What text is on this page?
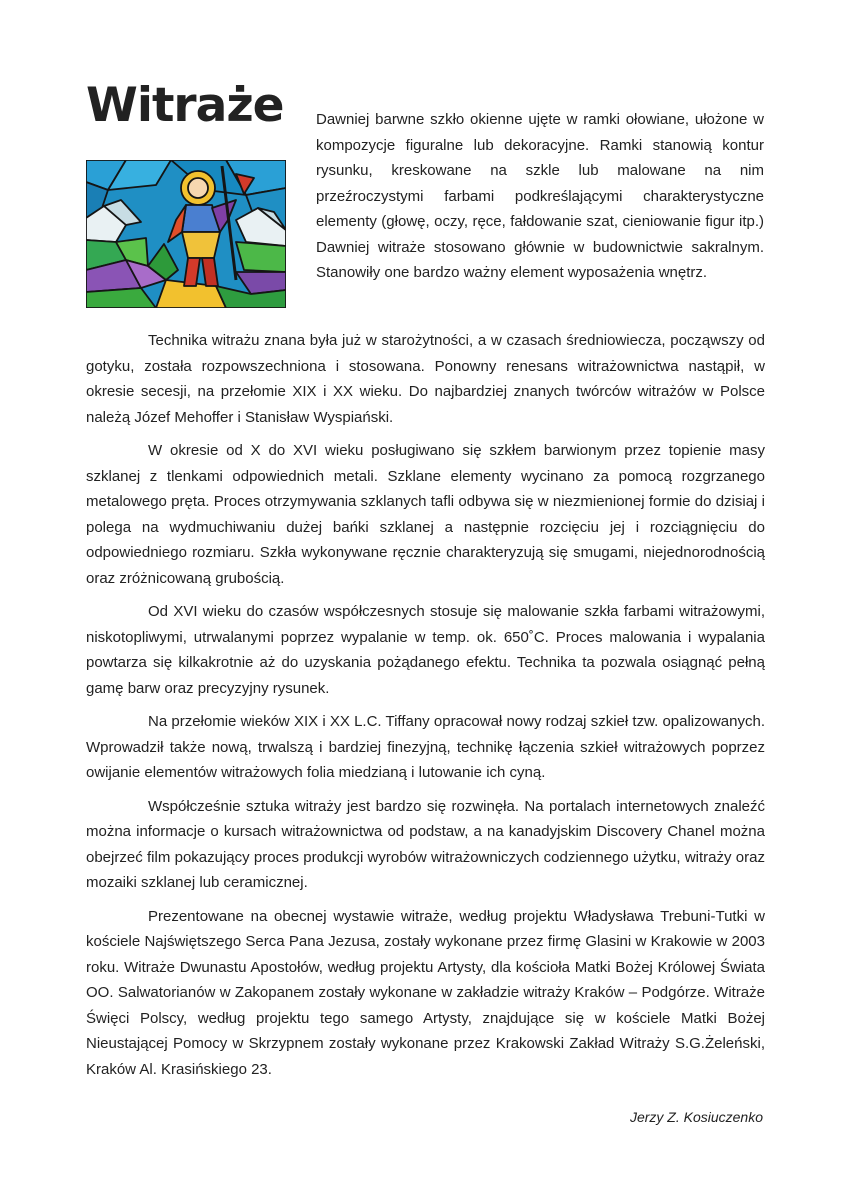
Witraże Dawniej barwne szkło okienne ujęte w ramki ołowiane, ułożone w kompozycje figuralne lub dekoracyjne. Ramki stanowią kontur rysunku, kreskowane na szkle lub malowane na nim przeźroczystymi farbami podkreślającymi charakterystyczne elementy (głowę, oczy, ręce, fałdowanie szat, cieniowanie figur itp.) Dawniej witraże stosowano głównie w budownictwie sakralnym. Stanowiły one bardzo ważny element wyposażenia wnętrz.

Technika witrażu znana była już w starożytności, a w czasach średniowiecza, począwszy od gotyku, została rozpowszechniona i stosowana. Ponowny renesans witrażownictwa nastąpił, w okresie secesji, na przełomie XIX i XX wieku. Do najbardziej znanych twórców witrażów w Polsce należą Józef Mehoffer i Stanisław Wyspiański.

W okresie od X do XVI wieku posługiwano się szkłem barwionym przez topienie masy szklanej z tlenkami odpowiednich metali. Szklane elementy wycinano za pomocą rozgrzanego metalowego pręta. Proces otrzymywania szklanych tafli odbywa się w niezmienionej formie do dzisiaj i polega na wydmuchiwaniu dużej bańki szklanej a następnie rozcięciu jej i rozciągnięciu do odpowiedniego rozmiaru. Szkła wykonywane ręcznie charakteryzują się smugami, niejednorodnością oraz zróżnicowaną grubością.

Od XVI wieku do czasów współczesnych stosuje się malowanie szkła farbami witrażowymi, niskotopliwymi, utrwalanymi poprzez wypalanie w temp. ok. 650˚C. Proces malowania i wypalania powtarza się kilkakrotnie aż do uzyskania pożądanego efektu. Technika ta pozwala osiągnąć pełną gamę barw oraz precyzyjny rysunek.

Na przełomie wieków XIX i XX L.C. Tiffany opracował nowy rodzaj szkieł tzw. opalizowanych. Wprowadził także nową, trwalszą i bardziej finezyjną, technikę łączenia szkieł witrażowych poprzez owijanie elementów witrażowych folia miedzianą i lutowanie ich cyną.

Współcześnie sztuka witraży jest bardzo się rozwinęła. Na portalach internetowych znaleźć można informacje o kursach witrażownictwa od podstaw, a na kanadyjskim Discovery Chanel można obejrzeć film pokazujący proces produkcji wyrobów witrażowniczych codziennego użytku, witraży oraz mozaiki szklanej lub ceramicznej.

Prezentowane na obecnej wystawie witraże, według projektu Władysława Trebuni-Tutki w kościele Najświętszego Serca Pana Jezusa, zostały wykonane przez firmę Glasini w Krakowie w 2003 roku. Witraże Dwunastu Apostołów, według projektu Artysty, dla kościoła Matki Bożej Królowej Świata OO. Salwatorianów w Zakopanem zostały wykonane w zakładzie witraży Kraków – Podgórze. Witraże Święci Polscy, według projektu tego samego Artysty, znajdujące się w kościele Matki Bożej Nieustającej Pomocy w Skrzypnem zostały wykonane przez Krakowski Zakład Witraży S.G.Żeleński, Kraków Al. Krasińskiego 23.

Jerzy Z. Kosiuczenko
